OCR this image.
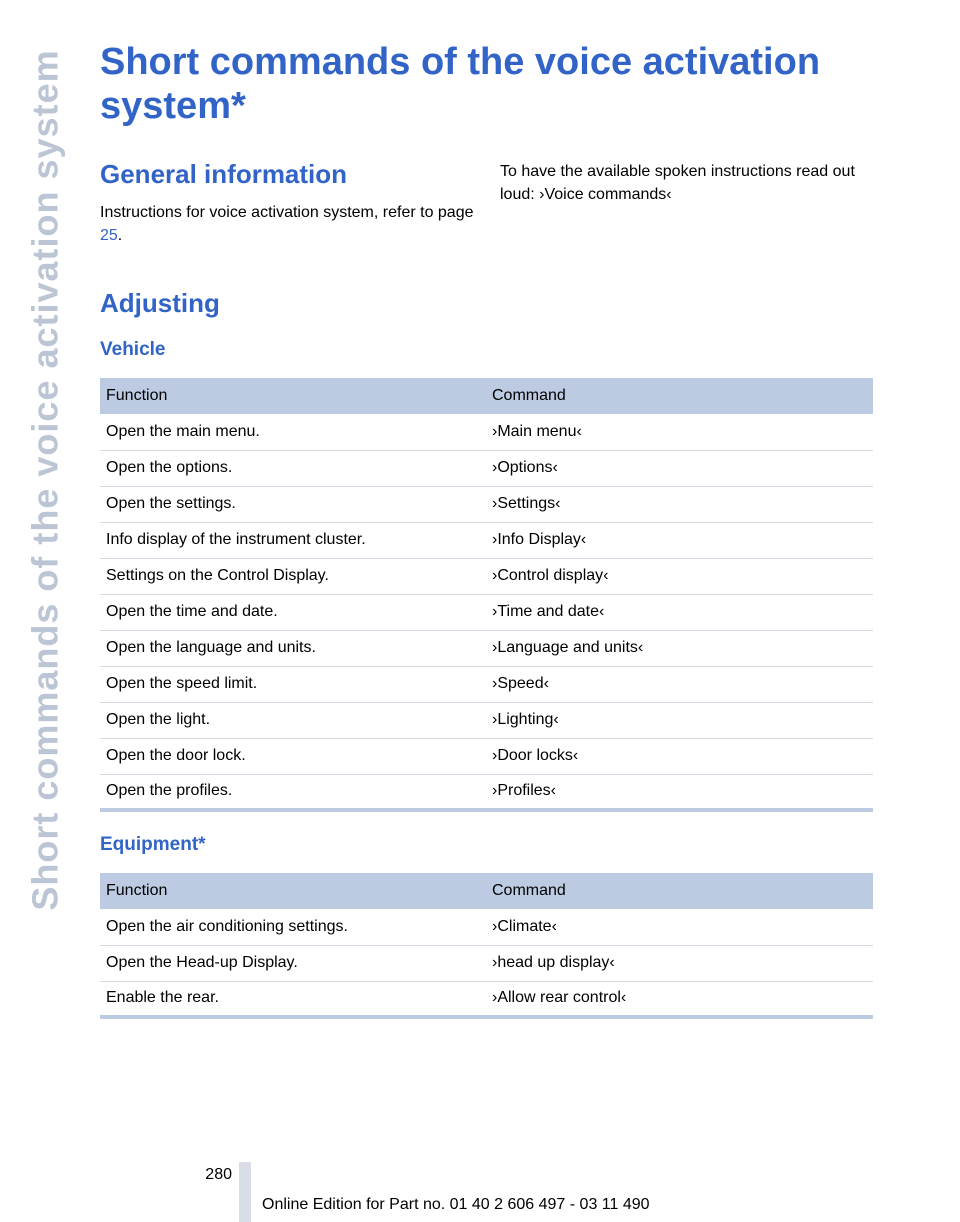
Short commands of the voice activation system Short commands of the voice activation system*
General information

Instructions for voice activation system, refer to page 25.

To have the available spoken instructions read out loud: ›Voice commands‹

Adjusting
Vehicle
Function	Command
Open the main menu.	›Main menu‹
Open the options.	›Options‹
Open the settings.	›Settings‹
Info display of the instrument cluster.	›Info Display‹
Settings on the Control Display.	›Control display‹
Open the time and date.	›Time and date‹
Open the language and units.	›Language and units‹
Open the speed limit.	›Speed‹
Open the light.	›Lighting‹
Open the door lock.	›Door locks‹
Open the profiles.	›Profiles‹
Equipment*
Function	Command
Open the air conditioning settings.	›Climate‹
Open the Head-up Display.	›head up display‹
Enable the rear.	›Allow rear control‹
280
Online Edition for Part no. 01 40 2 606 497 - 03 11 490
